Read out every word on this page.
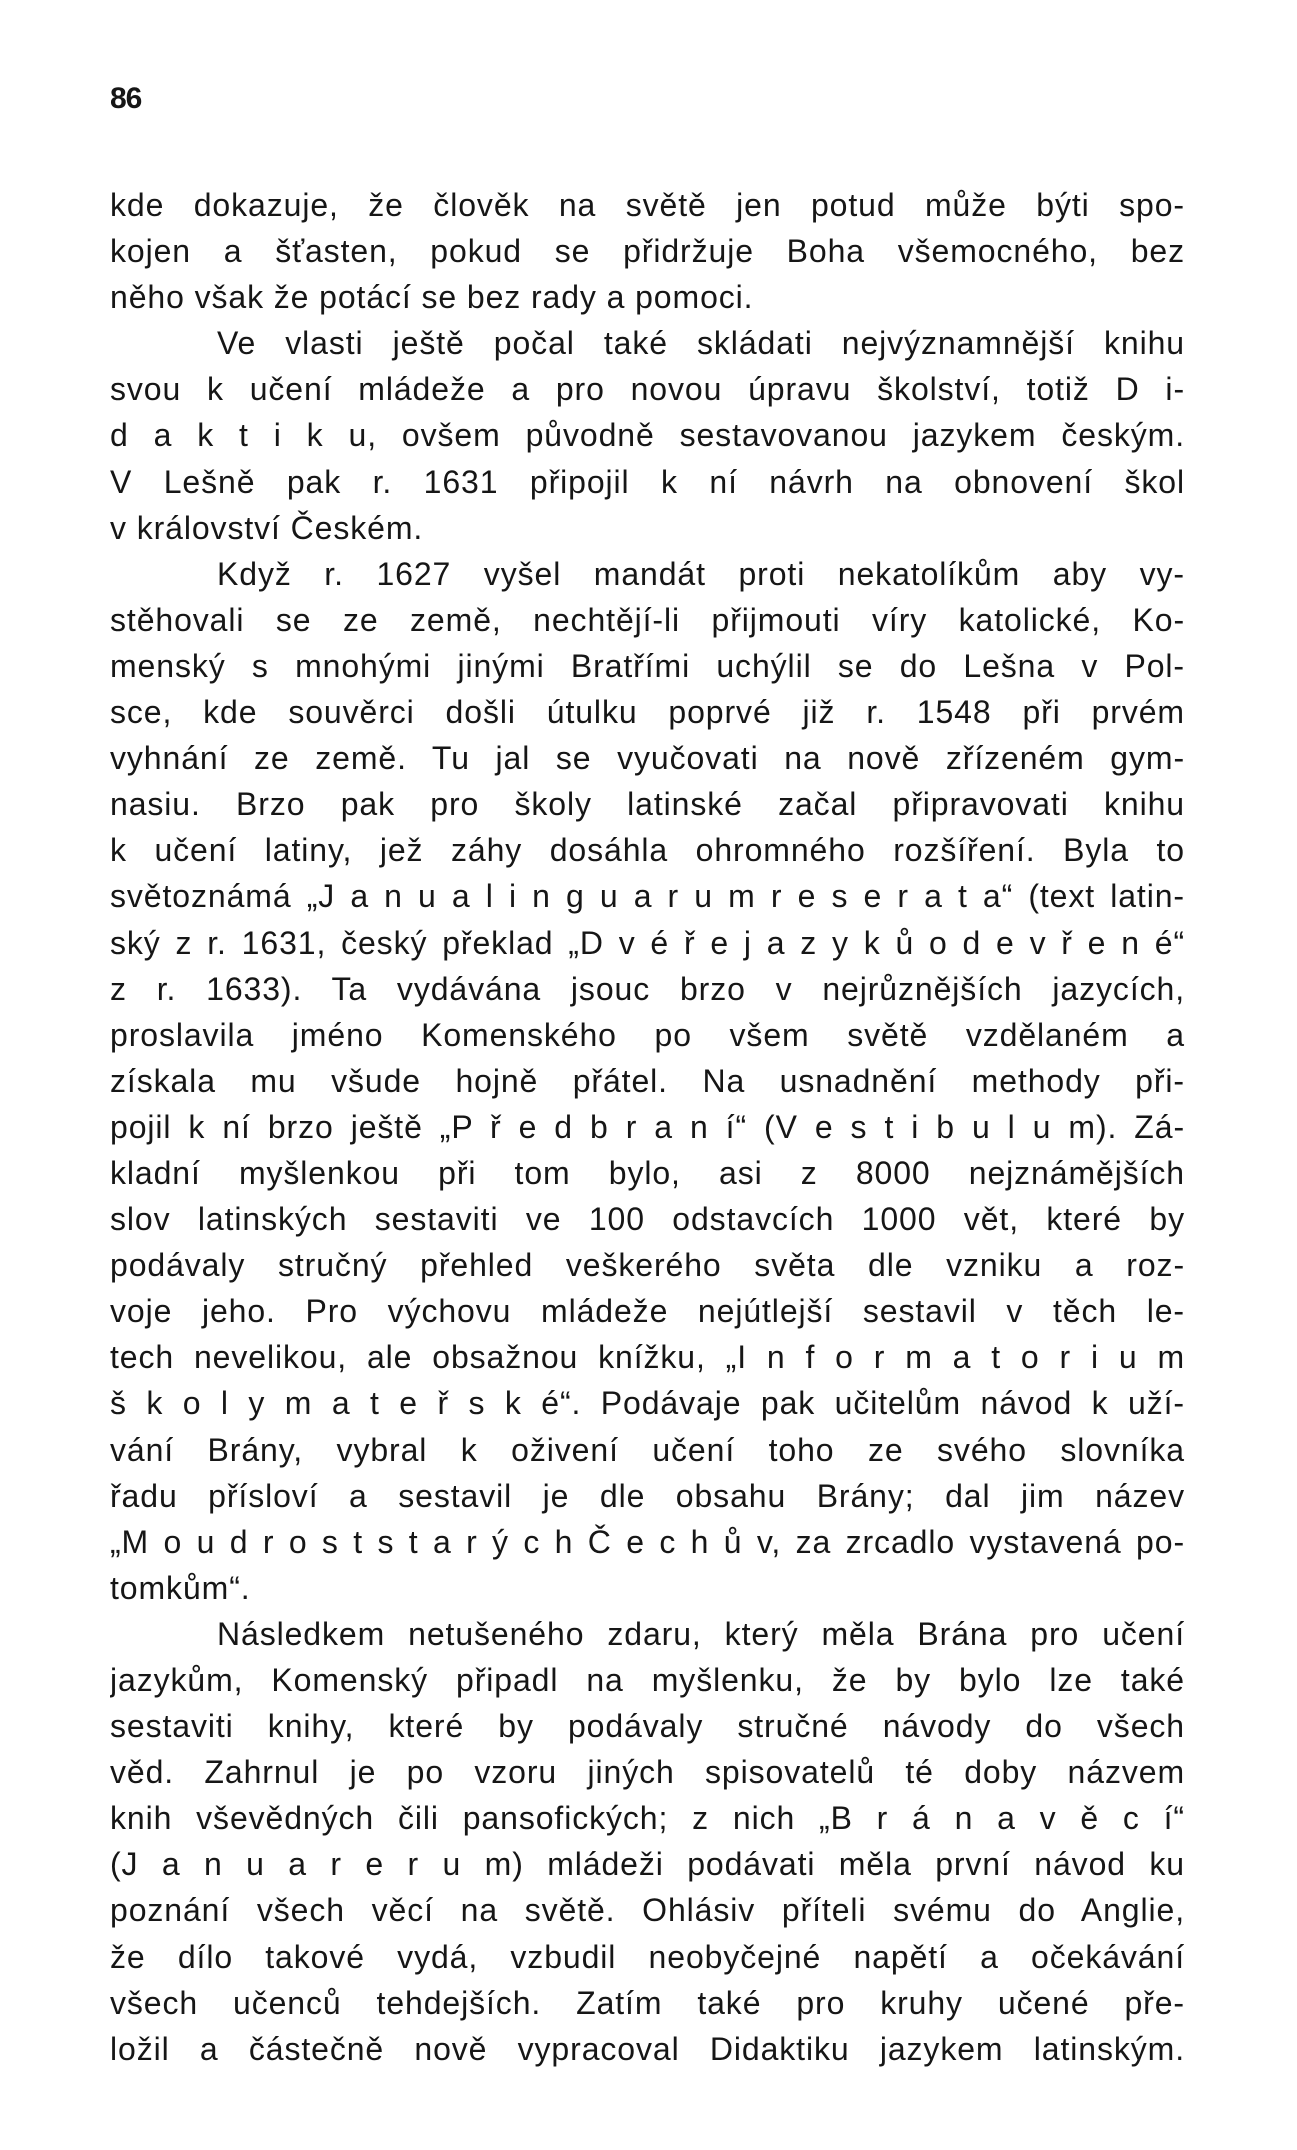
86
kde dokazuje, že člověk na světě jen potud může býti spo-
kojen a šťasten, pokud se přidržuje Boha všemocného, bez
něho však že potácí se bez rady a pomoci.
Ve vlasti ještě počal také skládati nejvýznamnější knihu
svou k učení mládeže a pro novou úpravu školství, totiž D i-
d a k t i k u, ovšem původně sestavovanou jazykem českým.
V Lešně pak r. 1631 připojil k ní návrh na obnovení škol
v království Českém.
Když r. 1627 vyšel mandát proti nekatolíkům aby vy-
stěhovali se ze země, nechtějí-li přijmouti víry katolické, Ko-
menský s mnohými jinými Bratřími uchýlil se do Lešna v Pol-
sce, kde souvěrci došli útulku poprvé již r. 1548 při prvém
vyhnání ze země. Tu jal se vyučovati na nově zřízeném gym-
nasiu. Brzo pak pro školy latinské začal připravovati knihu
k učení latiny, jež záhy dosáhla ohromného rozšíření. Byla to
světoznámá „J a n u a l i n g u a r u m r e s e r a t a“ (text latin-
ský z r. 1631, český překlad „D v é ř e j a z y k ů o d e v ř e n é“
z r. 1633). Ta vydávána jsouc brzo v nejrůznějších jazycích,
proslavila jméno Komenského po všem světě vzdělaném a
získala mu všude hojně přátel. Na usnadnění methody při-
pojil k ní brzo ještě „P ř e d b r a n í“ (V e s t i b u l u m). Zá-
kladní myšlenkou při tom bylo, asi z 8000 nejznámějších
slov latinských sestaviti ve 100 odstavcích 1000 vět, které by
podávaly stručný přehled veškerého světa dle vzniku a roz-
voje jeho. Pro výchovu mládeže nejútlejší sestavil v těch le-
tech nevelikou, ale obsažnou knížku, „I n f o r m a t o r i u m
š k o l y m a t e ř s k é“. Podávaje pak učitelům návod k uží-
vání Brány, vybral k oživení učení toho ze svého slovníka
řadu přísloví a sestavil je dle obsahu Brány; dal jim název
„M o u d r o s t s t a r ý c h Č e c h ů v, za zrcadlo vystavená po-
tomkům“.
Následkem netušeného zdaru, který měla Brána pro učení
jazykům, Komenský připadl na myšlenku, že by bylo lze také
sestaviti knihy, které by podávaly stručné návody do všech
věd. Zahrnul je po vzoru jiných spisovatelů té doby názvem
knih vševědných čili pansofických; z nich „B r á n a v ě c í“
(J a n u a r e r u m) mládeži podávati měla první návod ku
poznání všech věcí na světě. Ohlásiv příteli svému do Anglie,
že dílo takové vydá, vzbudil neobyčejné napětí a očekávání
všech učenců tehdejších. Zatím také pro kruhy učené pře-
ložil a částečně nově vypracoval Didaktiku jazykem latinským.
